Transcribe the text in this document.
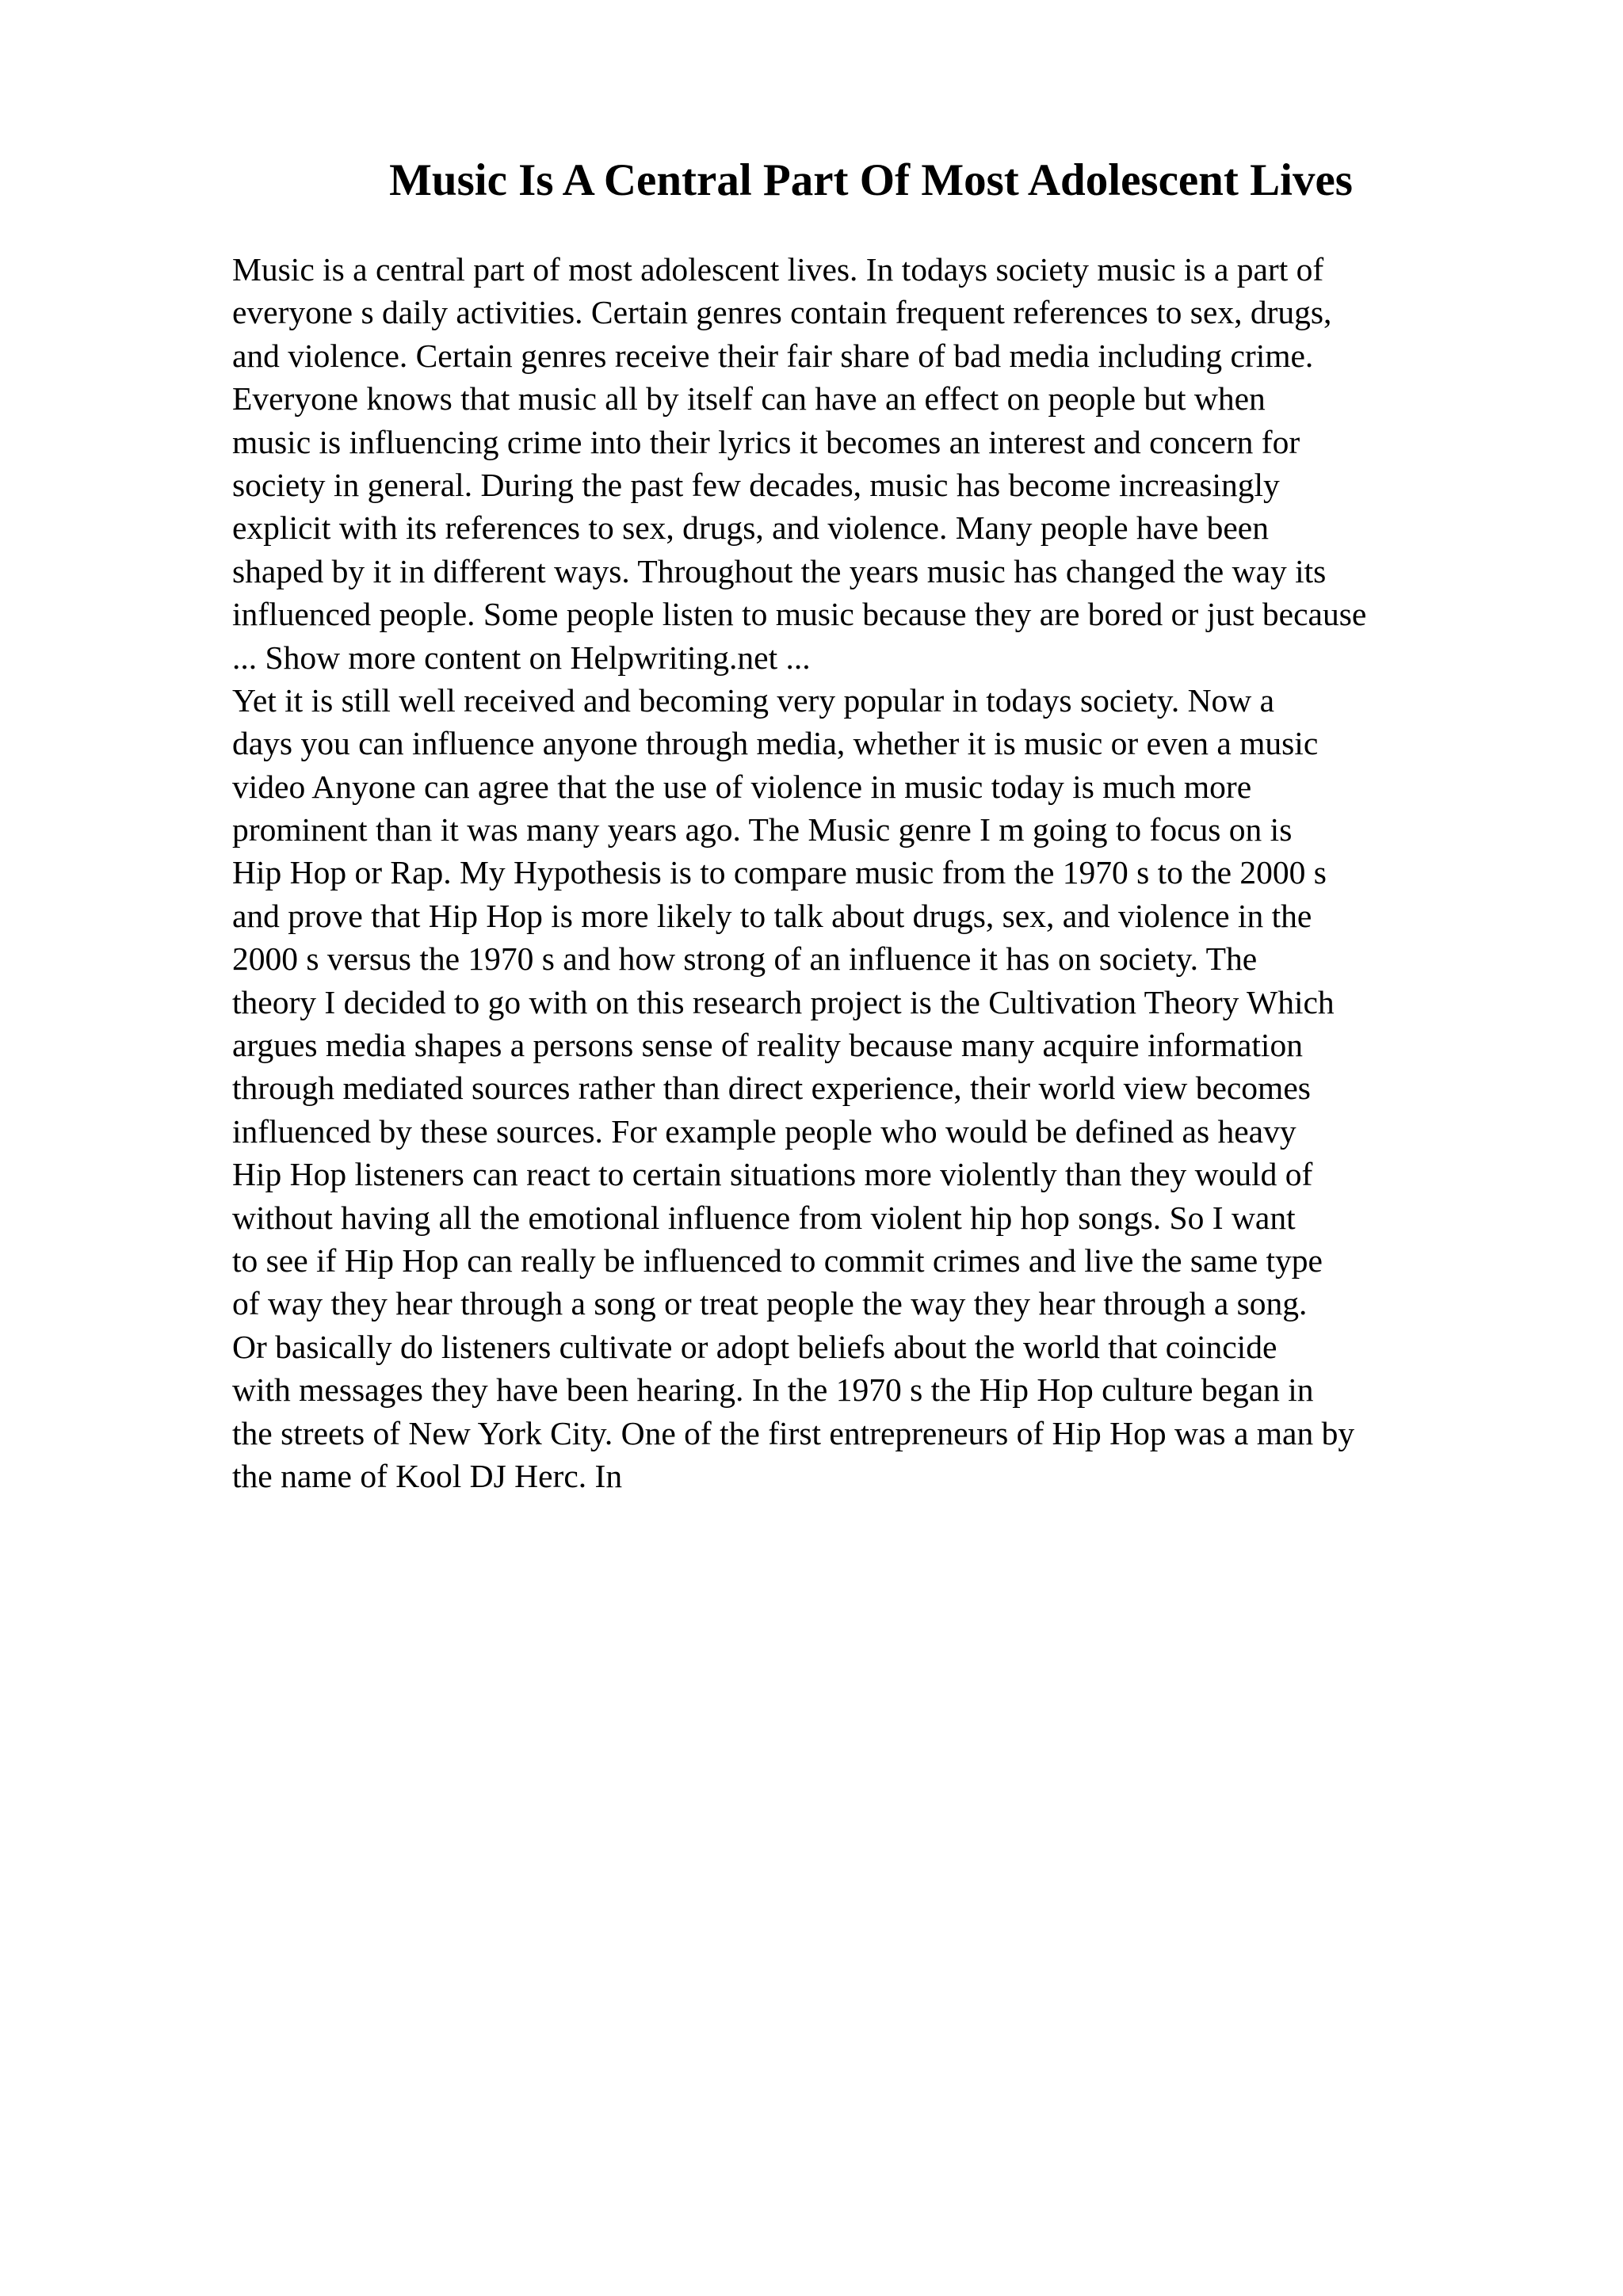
Music Is A Central Part Of Most Adolescent Lives
Music is a central part of most adolescent lives. In todays society music is a part of
everyone s daily activities. Certain genres contain frequent references to sex, drugs,
and violence. Certain genres receive their fair share of bad media including crime.
Everyone knows that music all by itself can have an effect on people but when
music is influencing crime into their lyrics it becomes an interest and concern for
society in general. During the past few decades, music has become increasingly
explicit with its references to sex, drugs, and violence. Many people have been
shaped by it in different ways. Throughout the years music has changed the way its
influenced people. Some people listen to music because they are bored or just because
... Show more content on Helpwriting.net ...
Yet it is still well received and becoming very popular in todays society. Now a
days you can influence anyone through media, whether it is music or even a music
video Anyone can agree that the use of violence in music today is much more
prominent than it was many years ago. The Music genre I m going to focus on is
Hip Hop or Rap. My Hypothesis is to compare music from the 1970 s to the 2000 s
and prove that Hip Hop is more likely to talk about drugs, sex, and violence in the
2000 s versus the 1970 s and how strong of an influence it has on society. The
theory I decided to go with on this research project is the Cultivation Theory Which
argues media shapes a persons sense of reality because many acquire information
through mediated sources rather than direct experience, their world view becomes
influenced by these sources. For example people who would be defined as heavy
Hip Hop listeners can react to certain situations more violently than they would of
without having all the emotional influence from violent hip hop songs. So I want
to see if Hip Hop can really be influenced to commit crimes and live the same type
of way they hear through a song or treat people the way they hear through a song.
Or basically do listeners cultivate or adopt beliefs about the world that coincide
with messages they have been hearing. In the 1970 s the Hip Hop culture began in
the streets of New York City. One of the first entrepreneurs of Hip Hop was a man by
the name of Kool DJ Herc. In
